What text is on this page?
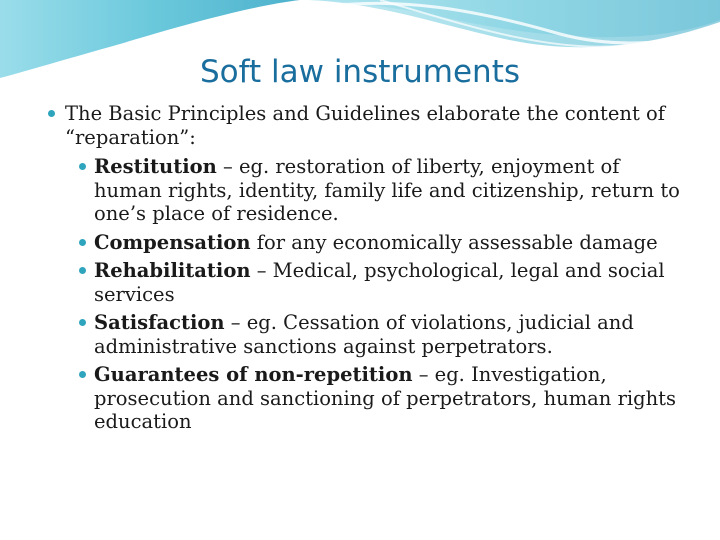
Soft law instruments
The Basic Principles and Guidelines elaborate the content of “reparation”:
Restitution – eg. restoration of liberty, enjoyment of human rights, identity, family life and citizenship, return to one’s place of residence.
Compensation for any economically assessable damage
Rehabilitation – Medical, psychological, legal and social services
Satisfaction – eg. Cessation of violations, judicial and administrative sanctions against perpetrators.
Guarantees of non-repetition – eg. Investigation, prosecution and sanctioning of perpetrators, human rights education
